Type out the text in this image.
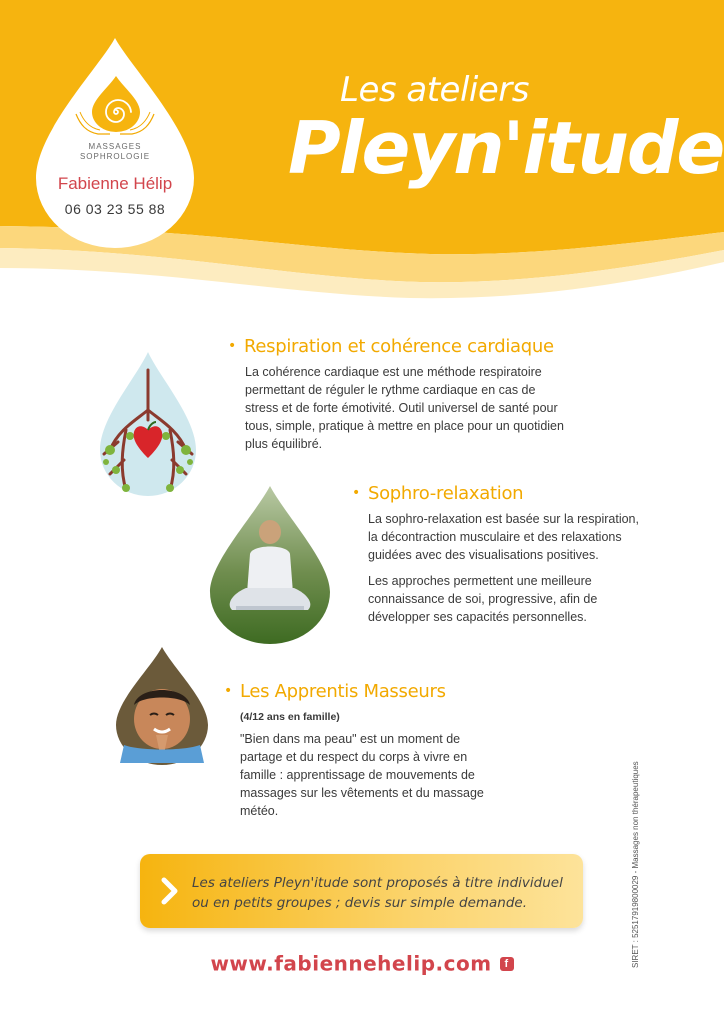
MASSAGES
SOPHROLOGIE
Fabienne Hélip
06 03 23 55 88
Les ateliers
Pleyn'itude
• Respiration et cohérence cardiaque

La cohérence cardiaque est une méthode respiratoire permettant de réguler le rythme cardiaque en cas de stress et de forte émotivité. Outil universel de santé pour tous, simple, pratique à mettre en place pour un quotidien plus équilibré.

• Sophro-relaxation

La sophro-relaxation est basée sur la respiration, la décontraction musculaire et des relaxations guidées avec des visualisations positives.

Les approches permettent une meilleure connaissance de soi, progressive, afin de développer ses capacités personnelles.

• Les Apprentis Masseurs
(4/12 ans en famille)

"Bien dans ma peau" est un moment de partage et du respect du corps à vivre en famille : apprentissage de mouvements de massages sur les vêtements et du massage météo.

Les ateliers Pleyn'itude sont proposés à titre individuel ou en petits groupes ; devis sur simple demande.
www.fabiennehelip.com f	SIRET : 52517919800029 - Massages non thérapeutiques
